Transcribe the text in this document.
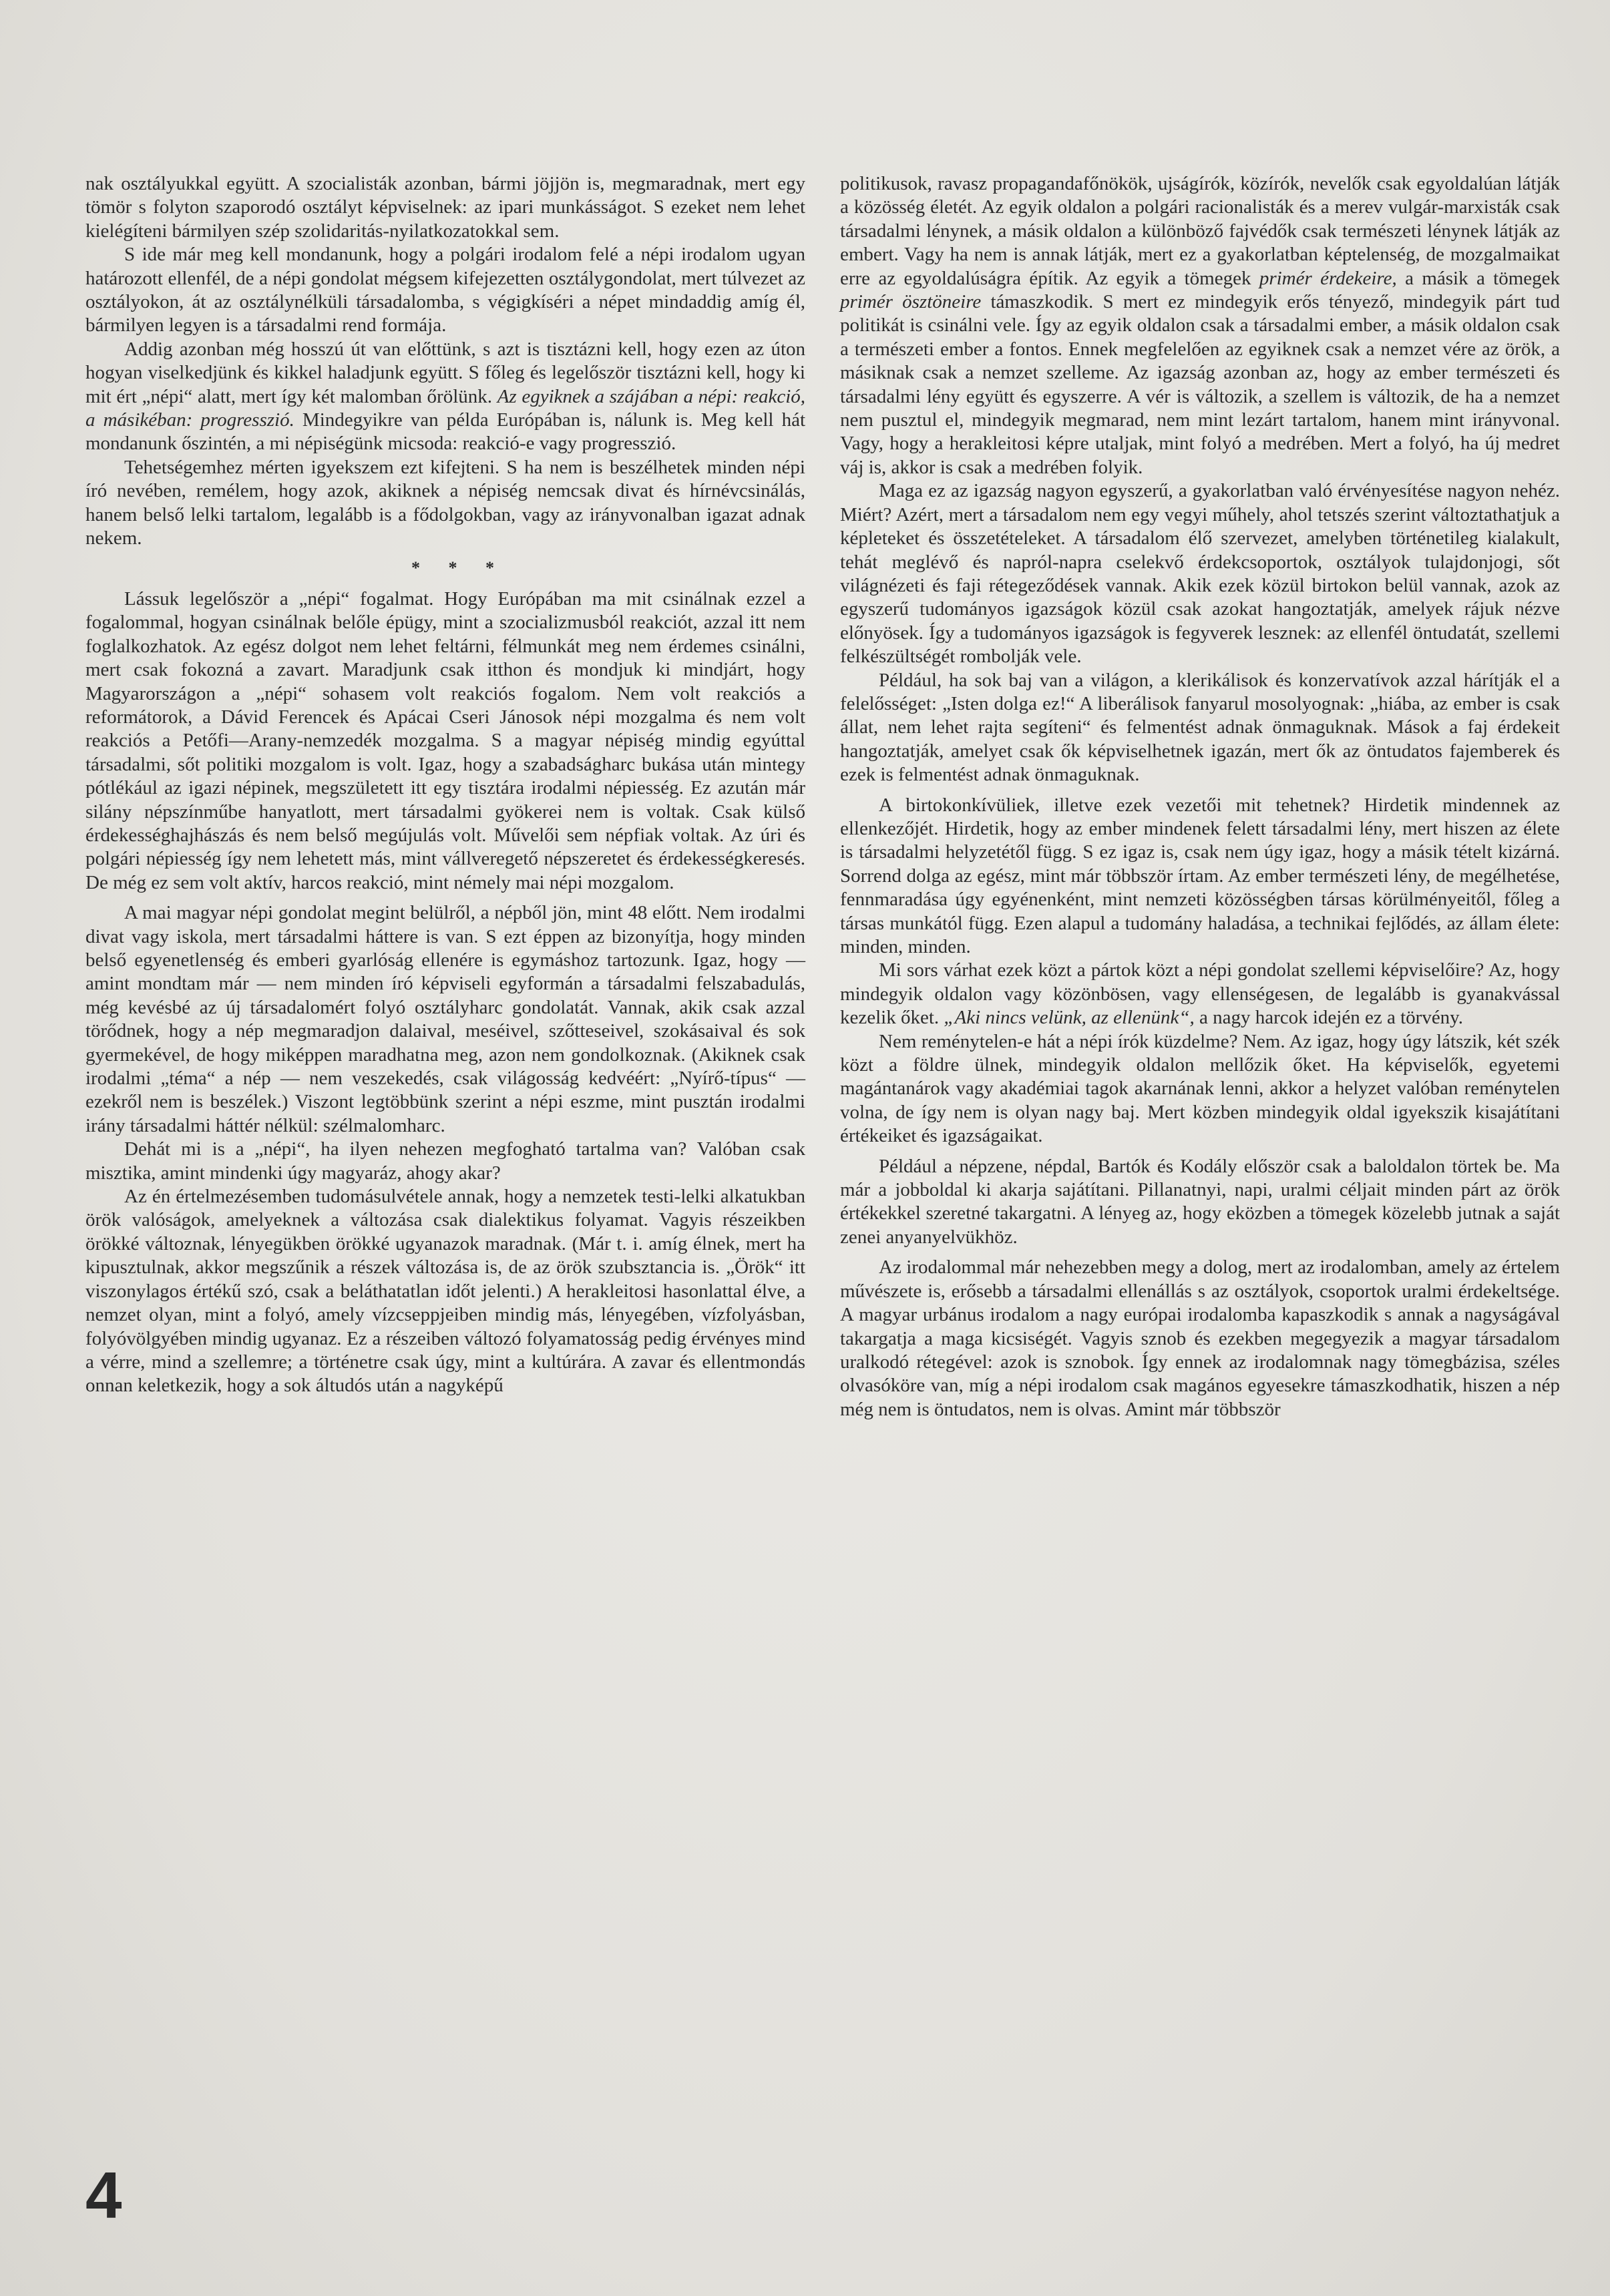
nak osztályukkal együtt. A szocialisták azonban, bármi jöjjön is, megmaradnak, mert egy tömör s folyton szaporodó osztályt képviselnek: az ipari munkásságot. S ezeket nem lehet kielégíteni bármilyen szép szolidaritás-nyilatkozatokkal sem.

S ide már meg kell mondanunk, hogy a polgári irodalom felé a népi irodalom ugyan határozott ellenfél, de a népi gondolat mégsem kifejezetten osztálygondolat, mert túlvezet az osztályokon, át az osztálynélküli társadalomba, s végigkíséri a népet mindaddig amíg él, bármilyen legyen is a társadalmi rend formája.

Addig azonban még hosszú út van előttünk, s azt is tisztázni kell, hogy ezen az úton hogyan viselkedjünk és kikkel haladjunk együtt. S főleg és legelőször tisztázni kell, hogy ki mit ért „népi“ alatt, mert így két malomban őrölünk. Az egyiknek a szájában a népi: reakció, a másikéban: progresszió. Mindegyikre van példa Európában is, nálunk is. Meg kell hát mondanunk őszintén, a mi népiségünk micsoda: reakció-e vagy progresszió.

Tehetségemhez mérten igyekszem ezt kifejteni. S ha nem is beszélhetek minden népi író nevében, remélem, hogy azok, akiknek a népiség nemcsak divat és hírnévcsinálás, hanem belső lelki tartalom, legalább is a fődolgokban, vagy az irányvonalban igazat adnak nekem.

* * *

Lássuk legelőször a „népi“ fogalmat. Hogy Európában ma mit csinálnak ezzel a fogalommal, hogyan csinálnak belőle épügy, mint a szocializmusból reakciót, azzal itt nem foglalkozhatok. Az egész dolgot nem lehet feltárni, félmunkát meg nem érdemes csinálni, mert csak fokozná a zavart. Maradjunk csak itthon és mondjuk ki mindjárt, hogy Magyarországon a „népi“ sohasem volt reakciós fogalom. Nem volt reakciós a reformátorok, a Dávid Ferencek és Apácai Cseri Jánosok népi mozgalma és nem volt reakciós a Petőfi—Arany-nemzedék mozgalma. S a magyar népiség mindig egyúttal társadalmi, sőt politiki mozgalom is volt. Igaz, hogy a szabadságharc bukása után mintegy pótlékául az igazi népinek, megszületett itt egy tisztára irodalmi népiesség. Ez azután már silány népszínműbe hanyatlott, mert társadalmi gyökerei nem is voltak. Csak külső érdekességhajhászás és nem belső megújulás volt. Művelői sem népfiak voltak. Az úri és polgári népiesség így nem lehetett más, mint vállveregető népszeretet és érdekességkeresés. De még ez sem volt aktív, harcos reakció, mint némely mai népi mozgalom.

A mai magyar népi gondolat megint belülről, a népből jön, mint 48 előtt. Nem irodalmi divat vagy iskola, mert társadalmi háttere is van. S ezt éppen az bizonyítja, hogy minden belső egyenetlenség és emberi gyarlóság ellenére is egymáshoz tartozunk. Igaz, hogy — amint mondtam már — nem minden író képviseli egyformán a társadalmi felszabadulás, még kevésbé az új társadalomért folyó osztályharc gondolatát. Vannak, akik csak azzal törődnek, hogy a nép megmaradjon dalaival, meséivel, szőtteseivel, szokásaival és sok gyermekével, de hogy miképpen maradhatna meg, azon nem gondolkoznak. (Akiknek csak irodalmi „téma“ a nép — nem veszekedés, csak világosság kedvéért: „Nyírő-típus“ — ezekről nem is beszélek.) Viszont legtöbbünk szerint a népi eszme, mint pusztán irodalmi irány társadalmi háttér nélkül: szélmalomharc.

Dehát mi is a „népi“, ha ilyen nehezen megfogható tartalma van? Valóban csak misztika, amint mindenki úgy magyaráz, ahogy akar?

Az én értelmezésemben tudomásulvétele annak, hogy a nemzetek testi-lelki alkatukban örök valóságok, amelyeknek a változása csak dialektikus folyamat. Vagyis részeikben örökké változnak, lényegükben örökké ugyanazok maradnak. (Már t. i. amíg élnek, mert ha kipusztulnak, akkor megszűnik a részek változása is, de az örök szubsztancia is. „Örök“ itt viszonylagos értékű szó, csak a beláthatatlan időt jelenti.) A herakleitosi hasonlattal élve, a nemzet olyan, mint a folyó, amely vízcseppjeiben mindig más, lényegében, vízfolyásban, folyóvölgyében mindig ugyanaz. Ez a részeiben változó folyamatosság pedig érvényes mind a vérre, mind a szellemre; a történetre csak úgy, mint a kultúrára. A zavar és ellentmondás onnan keletkezik, hogy a sok áltudós után a nagyképű

politikusok, ravasz propagandafőnökök, ujságírók, közírók, nevelők csak egyoldalúan látják a közösség életét. Az egyik oldalon a polgári racionalisták és a merev vulgár-marxisták csak társadalmi lénynek, a másik oldalon a különböző fajvédők csak természeti lénynek látják az embert. Vagy ha nem is annak látják, mert ez a gyakorlatban képtelenség, de mozgalmaikat erre az egyoldalúságra építik. Az egyik a tömegek primér érdekeire, a másik a tömegek primér ösztöneire támaszkodik. S mert ez mindegyik erős tényező, mindegyik párt tud politikát is csinálni vele. Így az egyik oldalon csak a társadalmi ember, a másik oldalon csak a természeti ember a fontos. Ennek megfelelően az egyiknek csak a nemzet vére az örök, a másiknak csak a nemzet szelleme. Az igazság azonban az, hogy az ember természeti és társadalmi lény együtt és egyszerre. A vér is változik, a szellem is változik, de ha a nemzet nem pusztul el, mindegyik megmarad, nem mint lezárt tartalom, hanem mint irányvonal. Vagy, hogy a herakleitosi képre utaljak, mint folyó a medrében. Mert a folyó, ha új medret váj is, akkor is csak a medrében folyik.

Maga ez az igazság nagyon egyszerű, a gyakorlatban való érvényesítése nagyon nehéz. Miért? Azért, mert a társadalom nem egy vegyi műhely, ahol tetszés szerint változtathatjuk a képleteket és összetételeket. A társadalom élő szervezet, amelyben történetileg kialakult, tehát meglévő és napról-napra cselekvő érdekcsoportok, osztályok tulajdonjogi, sőt világnézeti és faji rétegeződések vannak. Akik ezek közül birtokon belül vannak, azok az egyszerű tudományos igazságok közül csak azokat hangoztatják, amelyek rájuk nézve előnyösek. Így a tudományos igazságok is fegyverek lesznek: az ellenfél öntudatát, szellemi felkészültségét rombolják vele.

Például, ha sok baj van a világon, a klerikálisok és konzervatívok azzal hárítják el a felelősséget: „Isten dolga ez!“ A liberálisok fanyarul mosolyognak: „hiába, az ember is csak állat, nem lehet rajta segíteni“ és felmentést adnak önmaguknak. Mások a faj érdekeit hangoztatják, amelyet csak ők képviselhetnek igazán, mert ők az öntudatos fajemberek és ezek is felmentést adnak önmaguknak.

A birtokonkívüliek, illetve ezek vezetői mit tehetnek? Hirdetik mindennek az ellenkezőjét. Hirdetik, hogy az ember mindenek felett társadalmi lény, mert hiszen az élete is társadalmi helyzetétől függ. S ez igaz is, csak nem úgy igaz, hogy a másik tételt kizárná. Sorrend dolga az egész, mint már többször írtam. Az ember természeti lény, de megélhetése, fennmaradása úgy egyénenként, mint nemzeti közösségben társas körülményeitől, főleg a társas munkától függ. Ezen alapul a tudomány haladása, a technikai fejlődés, az állam élete: minden, minden.

Mi sors várhat ezek közt a pártok közt a népi gondolat szellemi képviselőire? Az, hogy mindegyik oldalon vagy közönbösen, vagy ellenségesen, de legalább is gyanakvással kezelik őket. „Aki nincs velünk, az ellenünk“, a nagy harcok idején ez a törvény.

Nem reménytelen-e hát a népi írók küzdelme? Nem. Az igaz, hogy úgy látszik, két szék közt a földre ülnek, mindegyik oldalon mellőzik őket. Ha képviselők, egyetemi magántanárok vagy akadémiai tagok akarnának lenni, akkor a helyzet valóban reménytelen volna, de így nem is olyan nagy baj. Mert közben mindegyik oldal igyekszik kisajátítani értékeiket és igazságaikat.

Például a népzene, népdal, Bartók és Kodály először csak a baloldalon törtek be. Ma már a jobboldal ki akarja sajátítani. Pillanatnyi, napi, uralmi céljait minden párt az örök értékekkel szeretné takargatni. A lényeg az, hogy eközben a tömegek közelebb jutnak a saját zenei anyanyelvükhöz.

Az irodalommal már nehezebben megy a dolog, mert az irodalomban, amely az értelem művészete is, erősebb a társadalmi ellenállás s az osztályok, csoportok uralmi érdekeltsége. A magyar urbánus irodalom a nagy európai irodalomba kapaszkodik s annak a nagyságával takargatja a maga kicsiségét. Vagyis sznob és ezekben megegyezik a magyar társadalom uralkodó rétegével: azok is sznobok. Így ennek az irodalomnak nagy tömegbázisa, széles olvasóköre van, míg a népi irodalom csak magános egyesekre támaszkodhatik, hiszen a nép még nem is öntudatos, nem is olvas. Amint már többször

4
